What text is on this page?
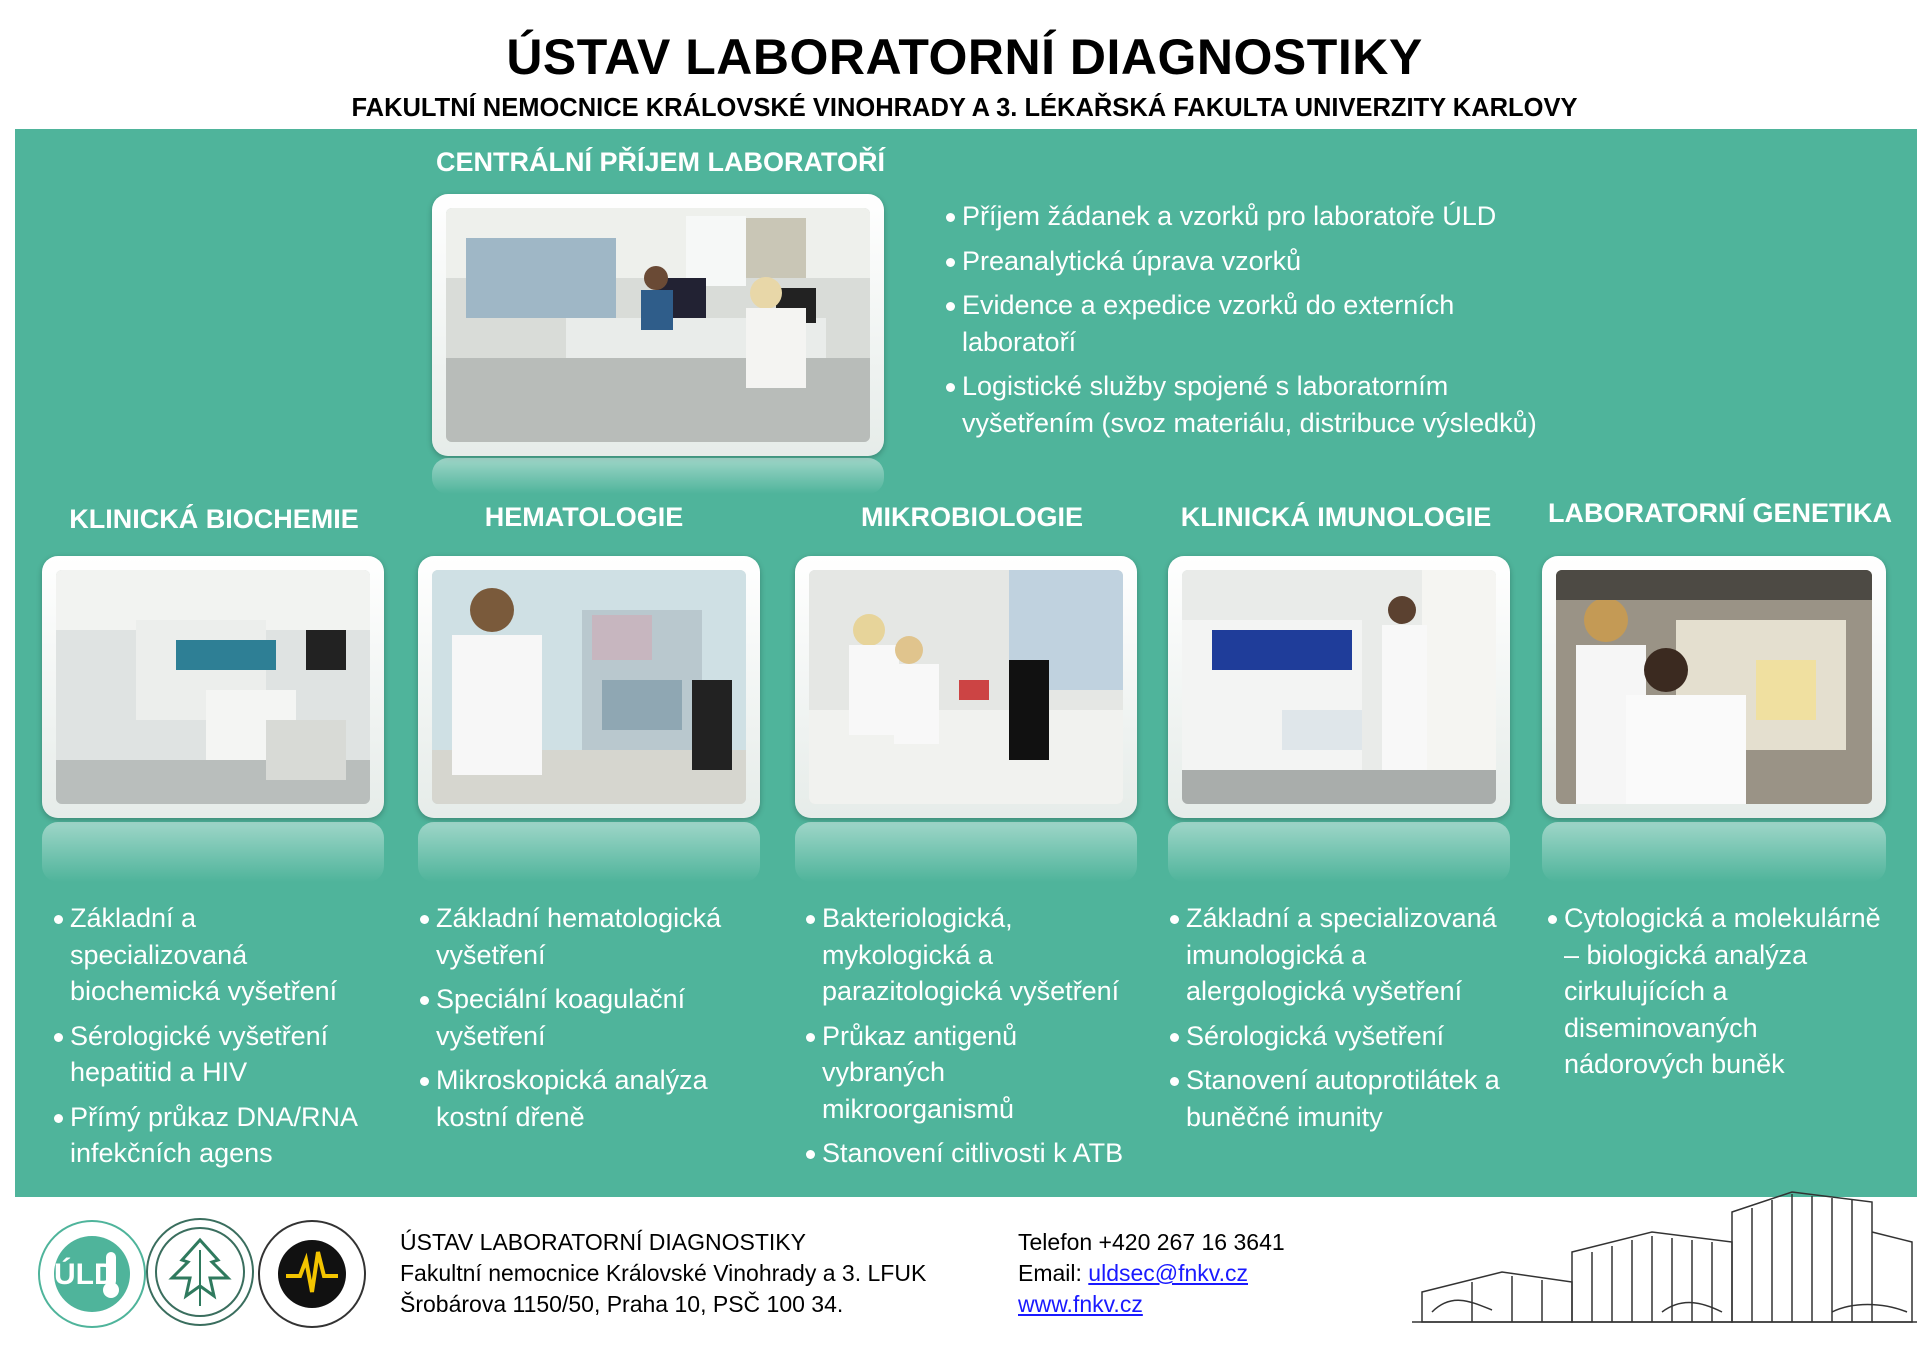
ÚSTAV LABORATORNÍ DIAGNOSTIKY
FAKULTNÍ NEMOCNICE KRÁLOVSKÉ VINOHRADY A 3. LÉKAŘSKÁ FAKULTA UNIVERZITY KARLOVY
CENTRÁLNÍ PŘÍJEM LABORATOŘÍ
Příjem žádanek a vzorků pro laboratoře ÚLD
Preanalytická úprava vzorků
Evidence a expedice vzorků do externích laboratoří
Logistické služby spojené s laboratorním vyšetřením (svoz materiálu, distribuce výsledků)
KLINICKÁ BIOCHEMIE	HEMATOLOGIE	MIKROBIOLOGIE	KLINICKÁ IMUNOLOGIE	LABORATORNÍ GENETIKA
Základní a specializovaná biochemická vyšetření
Sérologické vyšetření hepatitid a HIV
Přímý průkaz DNA/RNA infekčních agens
Základní hematologická vyšetření
Speciální koagulační vyšetření
Mikroskopická analýza kostní dřeně
Bakteriologická, mykologická a parazitologická vyšetření
Průkaz antigenů vybraných mikroorganismů
Stanovení citlivosti k ATB
Základní a specializovaná imunologická a alergologická vyšetření
Sérologická vyšetření
Stanovení autoprotilátek a buněčné imunity
Cytologická a molekulárně – biologická analýza cirkulujících a diseminovaných nádorových buněk
ÚLD
ÚSTAV LABORATORNÍ DIAGNOSTIKY
Fakultní nemocnice Královské Vinohrady a 3. LFUK
Šrobárova 1150/50, Praha 10, PSČ 100 34.
Telefon +420 267 16 3641
Email: uldsec@fnkv.cz
www.fnkv.cz
